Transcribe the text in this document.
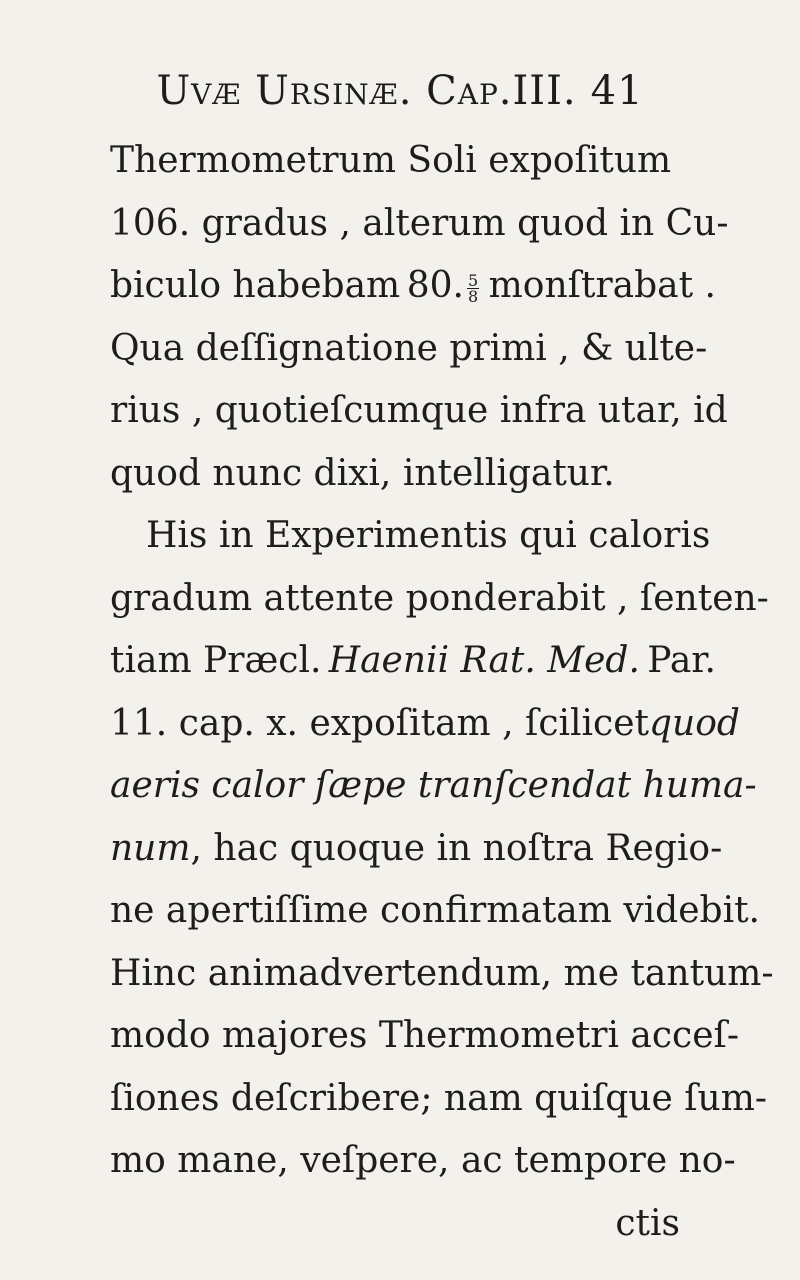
Uvæ Ursinæ. Cap.III. 41
Thermometrum Soli expoſitum
106. gradus , alterum quod in Cu-
biculo habebam 80. $\frac{5}{8}$ monſtrabat .
Qua deſſignatione primi , & ulte-
rius , quotieſcumque infra utar, id
quod nunc dixi, intelligatur.
His in Experimentis qui caloris
gradum attente ponderabit , ſenten-
tiam Præcl. Haenii Rat. Med. Par.
11. cap. x. expoſitam , ſcilicet quod
aeris calor ſæpe tranſcendat huma-
num , hac quoque in noſtra Regio-
ne apertiſſime confirmatam videbit.
Hinc animadvertendum, me tantum-
modo majores Thermometri acceſ-
ſiones deſcribere; nam quiſque ſum-
mo mane, veſpere, ac tempore no-
ctis
